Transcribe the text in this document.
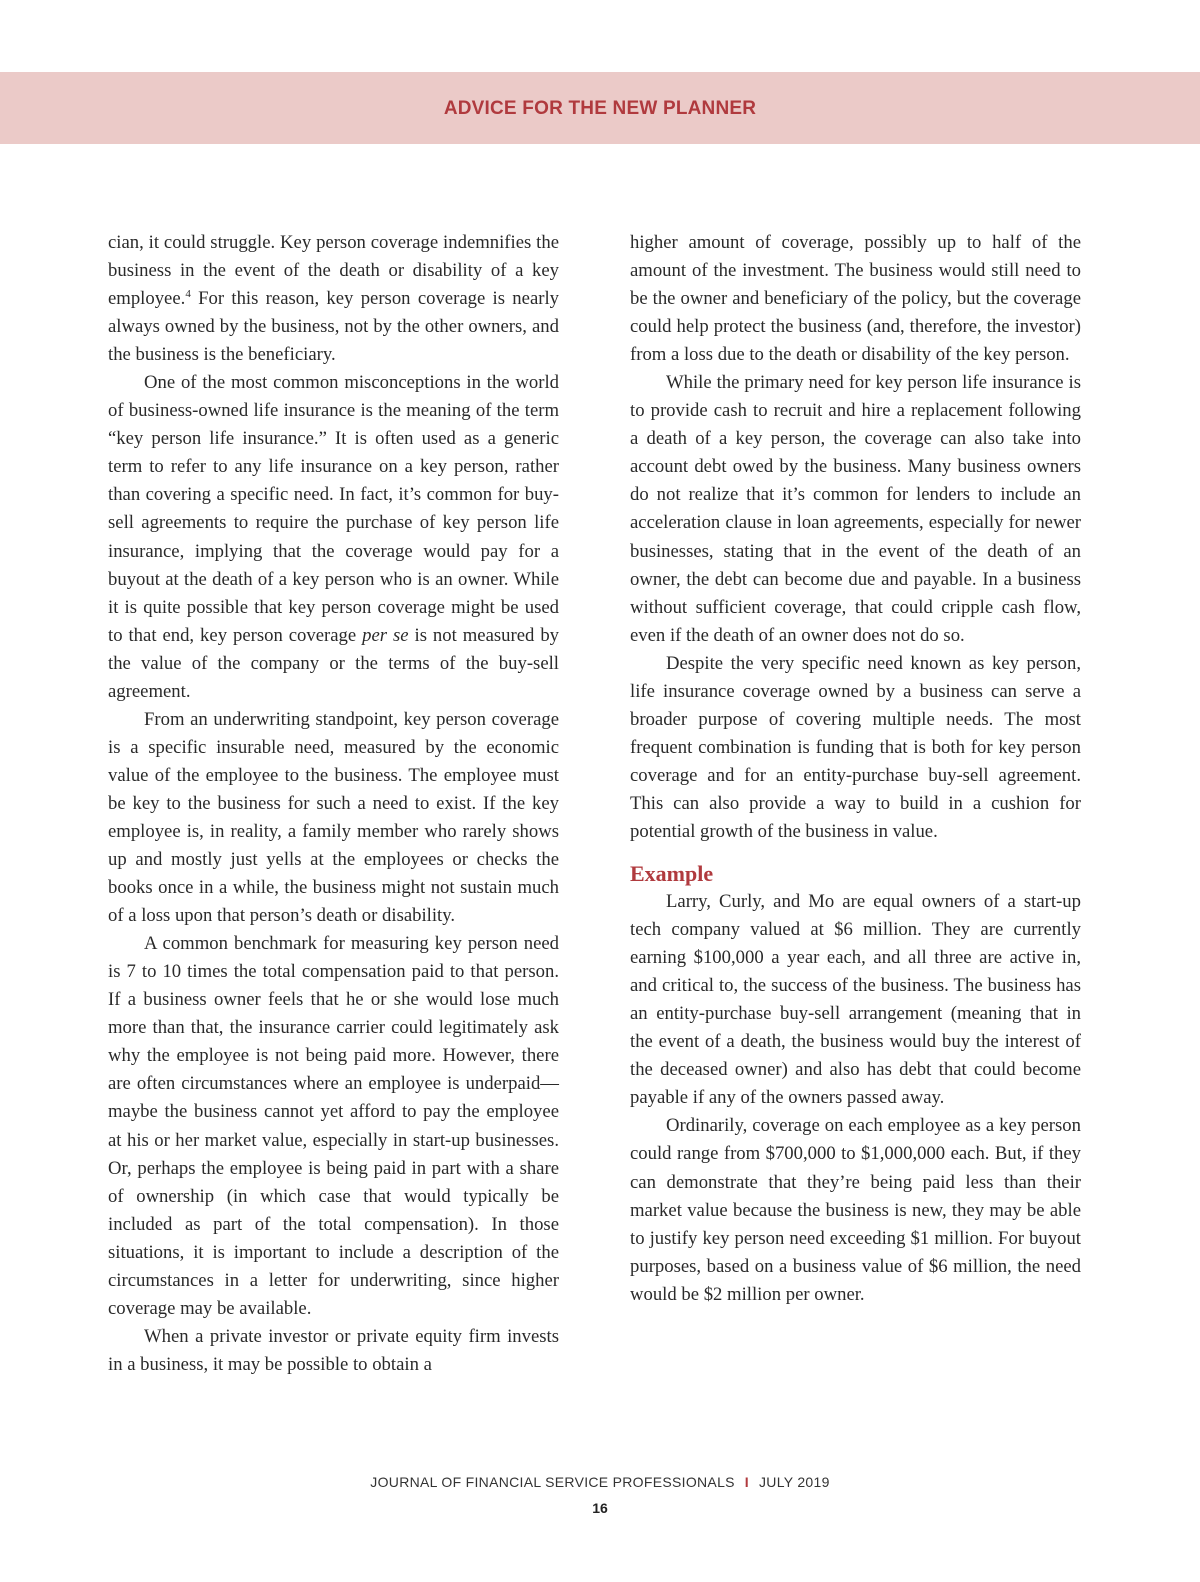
ADVICE FOR THE NEW PLANNER

cian, it could struggle. Key person coverage indemnifies the business in the event of the death or disability of a key employee.$^4$ For this reason, key person coverage is nearly always owned by the business, not by the other owners, and the business is the beneficiary.

One of the most common misconceptions in the world of business-owned life insurance is the meaning of the term “key person life insurance.” It is often used as a generic term to refer to any life insurance on a key person, rather than covering a specific need. In fact, it’s common for buy-sell agreements to require the purchase of key person life insurance, implying that the coverage would pay for a buyout at the death of a key person who is an owner. While it is quite possible that key person coverage might be used to that end, key person coverage per se is not measured by the value of the company or the terms of the buy-sell agreement.

From an underwriting standpoint, key person coverage is a specific insurable need, measured by the economic value of the employee to the business. The employee must be key to the business for such a need to exist. If the key employee is, in reality, a family member who rarely shows up and mostly just yells at the employees or checks the books once in a while, the business might not sustain much of a loss upon that person’s death or disability.

A common benchmark for measuring key person need is 7 to 10 times the total compensation paid to that person. If a business owner feels that he or she would lose much more than that, the insurance carrier could legitimately ask why the employee is not being paid more. However, there are often circumstances where an employee is underpaid—maybe the business cannot yet afford to pay the employee at his or her market value, especially in start-up businesses. Or, perhaps the employee is being paid in part with a share of ownership (in which case that would typically be included as part of the total compensation). In those situations, it is important to include a description of the circumstances in a letter for underwriting, since higher coverage may be available.

When a private investor or private equity firm invests in a business, it may be possible to obtain a

higher amount of coverage, possibly up to half of the amount of the investment. The business would still need to be the owner and beneficiary of the policy, but the coverage could help protect the business (and, therefore, the investor) from a loss due to the death or disability of the key person.

While the primary need for key person life insurance is to provide cash to recruit and hire a replacement following a death of a key person, the coverage can also take into account debt owed by the business. Many business owners do not realize that it’s common for lenders to include an acceleration clause in loan agreements, especially for newer businesses, stating that in the event of the death of an owner, the debt can become due and payable. In a business without sufficient coverage, that could cripple cash flow, even if the death of an owner does not do so.

Despite the very specific need known as key person, life insurance coverage owned by a business can serve a broader purpose of covering multiple needs. The most frequent combination is funding that is both for key person coverage and for an entity-purchase buy-sell agreement. This can also provide a way to build in a cushion for potential growth of the business in value.

Example

Larry, Curly, and Mo are equal owners of a start-up tech company valued at $6 million. They are currently earning $100,000 a year each, and all three are active in, and critical to, the success of the business. The business has an entity-purchase buy-sell arrangement (meaning that in the event of a death, the business would buy the interest of the deceased owner) and also has debt that could become payable if any of the owners passed away.

Ordinarily, coverage on each employee as a key person could range from $700,000 to $1,000,000 each. But, if they can demonstrate that they’re being paid less than their market value because the business is new, they may be able to justify key person need exceeding $1 million. For buyout purposes, based on a business value of $6 million, the need would be $2 million per owner.

JOURNAL OF FINANCIAL SERVICE PROFESSIONALS I JULY 2019
16
